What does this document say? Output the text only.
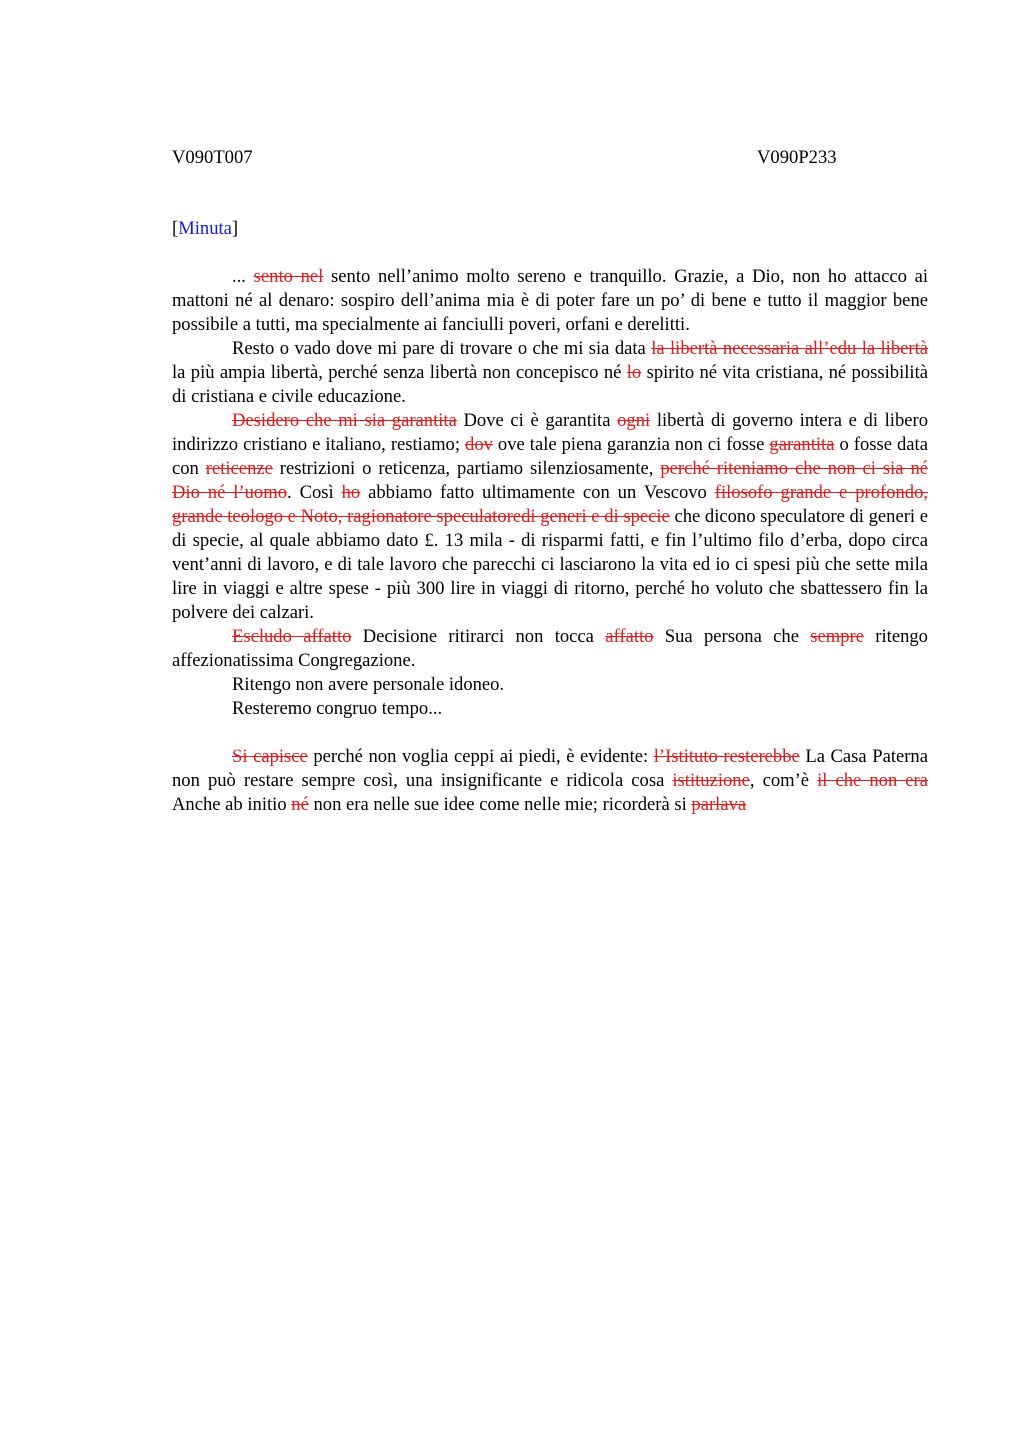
V090T007	V090P233
[Minuta]

... sento nel sento nell’animo molto sereno e tranquillo. Grazie, a Dio, non ho attacco ai mattoni né al denaro: sospiro dell’anima mia è di poter fare un po’ di bene e tutto il maggior bene possibile a tutti, ma specialmente ai fanciulli poveri, orfani e derelitti.

Resto o vado dove mi pare di trovare o che mi sia data la libertà necessaria all’edu la libertà la più ampia libertà, perché senza libertà non concepisco né lo spirito né vita cristiana, né possibilità di cristiana e civile educazione.

Desidero che mi sia garantita Dove ci è garantita ogni libertà di governo intera e di libero indirizzo cristiano e italiano, restiamo; dov ove tale piena garanzia non ci fosse garantita o fosse data con reticenze restrizioni o reticenza, partiamo silenziosamente, perché riteniamo che non ci sia né Dio né l’uomo. Così ho abbiamo fatto ultimamente con un Vescovo filosofo grande e profondo, grande teologo e Noto, ragionatore speculatoredi generi e di specie che dicono speculatore di generi e di specie, al quale abbiamo dato £. 13 mila - di risparmi fatti, e fin l’ultimo filo d’erba, dopo circa vent’anni di lavoro, e di tale lavoro che parecchi ci lasciarono la vita ed io ci spesi più che sette mila lire in viaggi e altre spese - più 300 lire in viaggi di ritorno, perché ho voluto che sbattessero fin la polvere dei calzari.

Escludo affatto Decisione ritirarci non tocca affatto Sua persona che sempre ritengo affezionatissima Congregazione.

Ritengo non avere personale idoneo.

Resteremo congruo tempo...

Si capisce perché non voglia ceppi ai piedi, è evidente: l’Istituto resterebbe La Casa Paterna non può restare sempre così, una insignificante e ridicola cosa istituzione, com’è il che non era Anche ab initio né non era nelle sue idee come nelle mie; ricorderà si parlava
